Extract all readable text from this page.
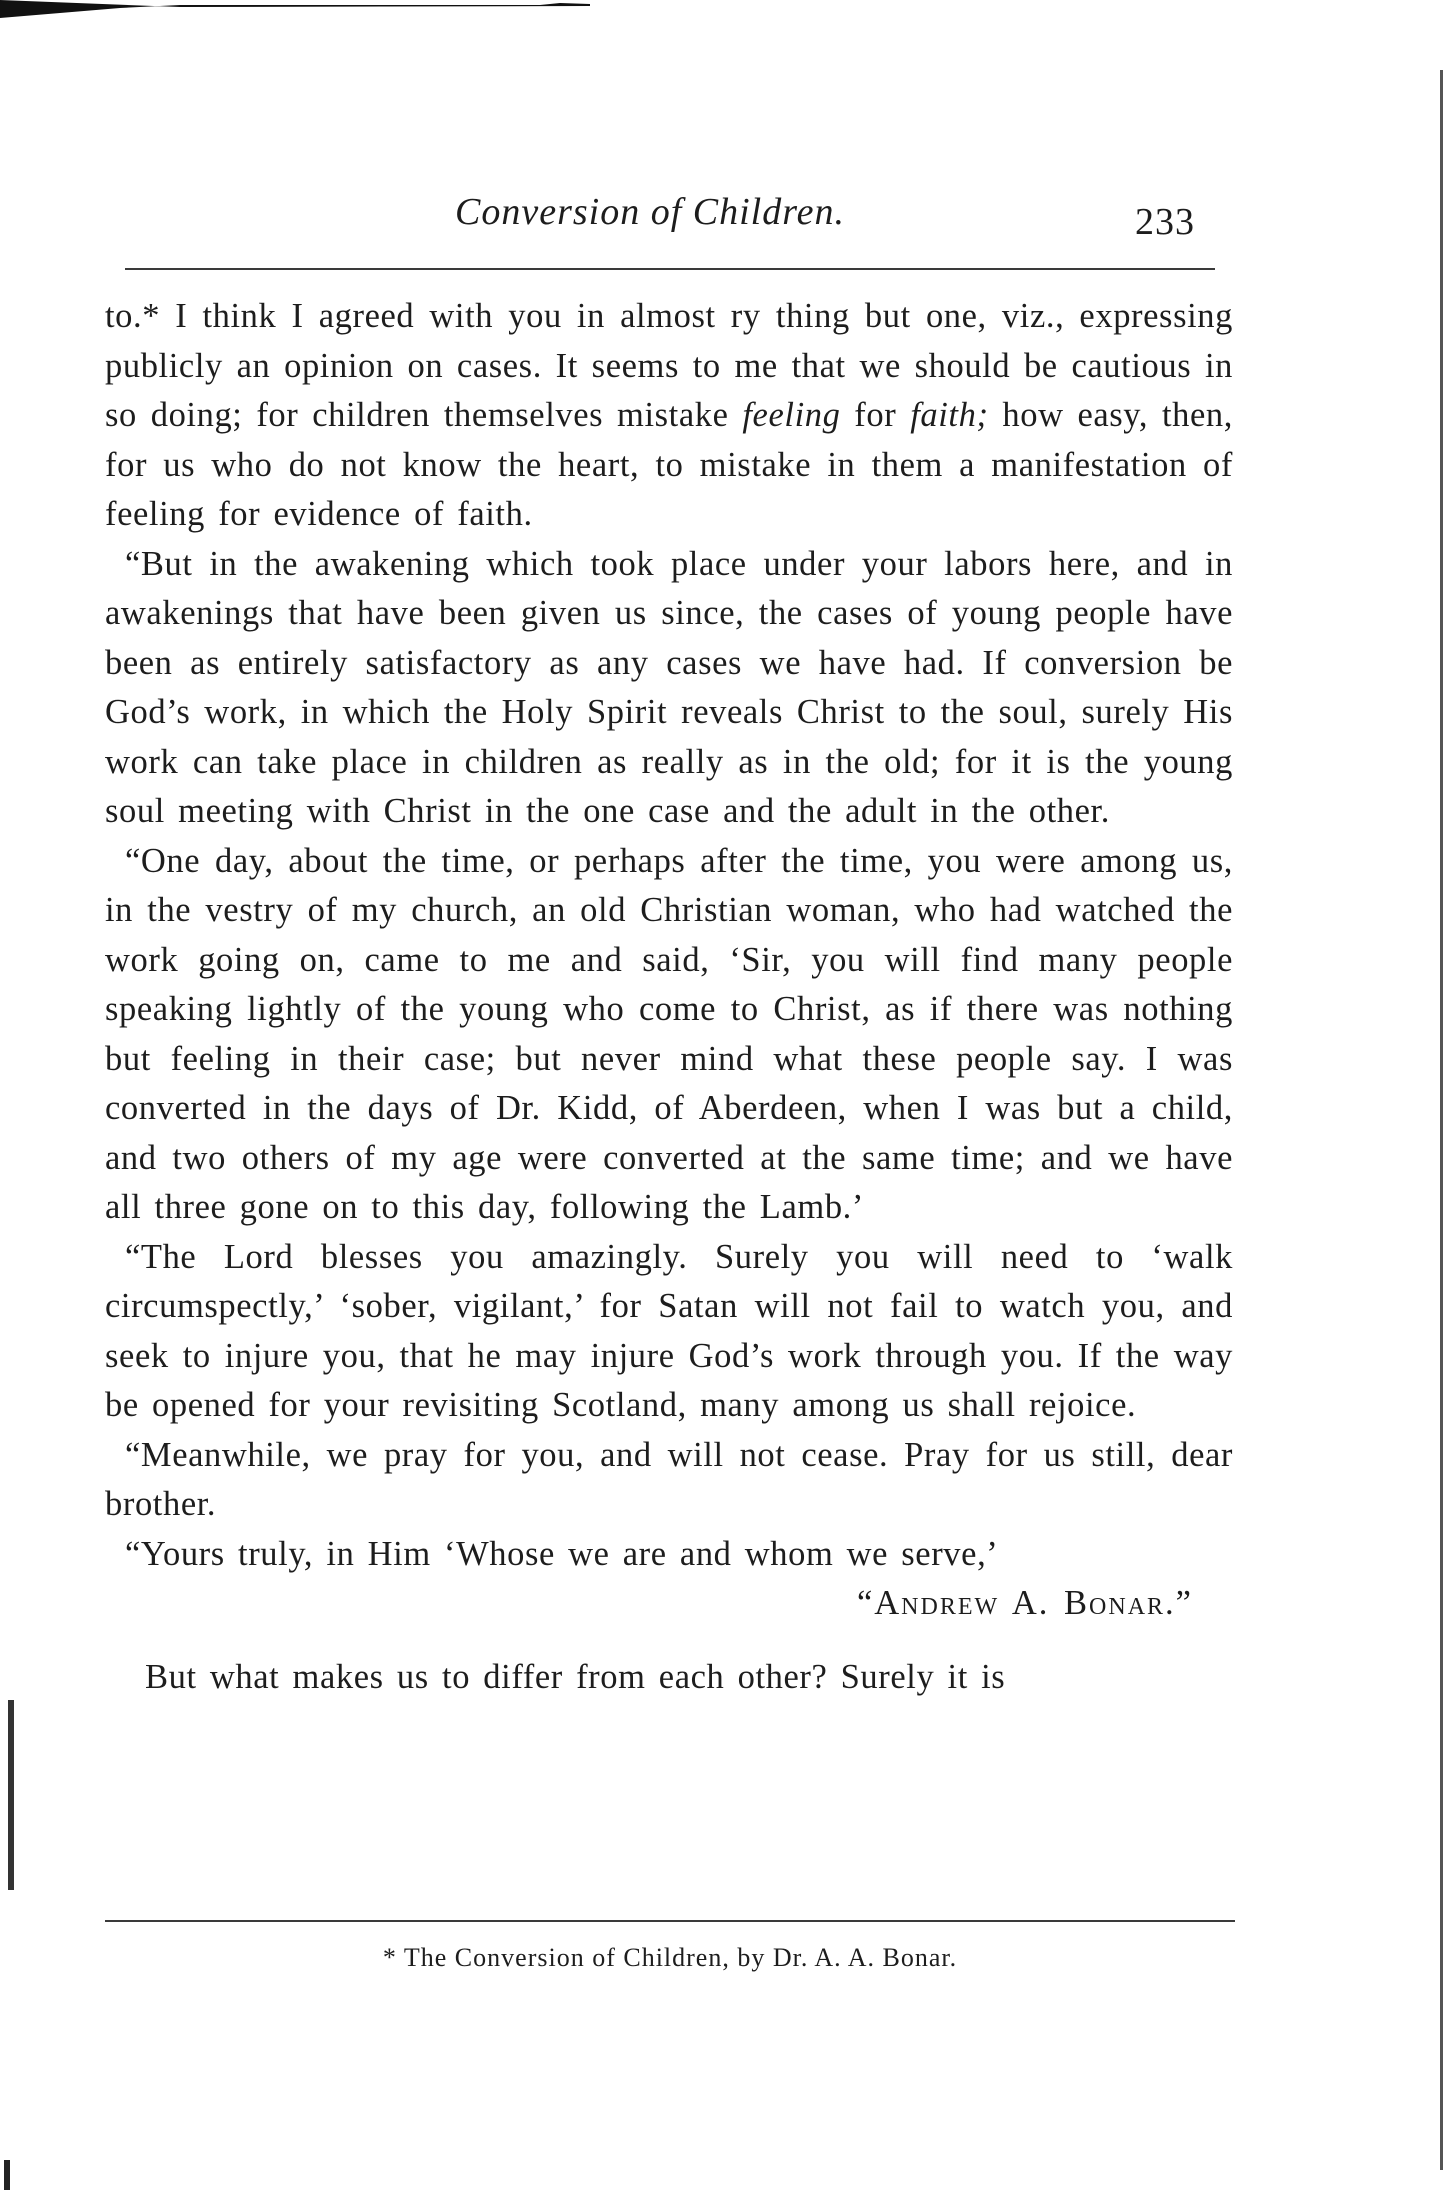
Conversion of Children.	233

to.* I think I agreed with you in almost ry thing but one, viz., expressing publicly an opinion on cases. It seems to me that we should be cautious in so doing; for children themselves mistake feeling for faith; how easy, then, for us who do not know the heart, to mistake in them a manifestation of feeling for evidence of faith.

“But in the awakening which took place under your labors here, and in awakenings that have been given us since, the cases of young people have been as entirely satisfactory as any cases we have had. If conversion be God’s work, in which the Holy Spirit reveals Christ to the soul, surely His work can take place in children as really as in the old; for it is the young soul meeting with Christ in the one case and the adult in the other.

“One day, about the time, or perhaps after the time, you were among us, in the vestry of my church, an old Christian woman, who had watched the work going on, came to me and said, ‘Sir, you will find many people speaking lightly of the young who come to Christ, as if there was nothing but feeling in their case; but never mind what these people say. I was converted in the days of Dr. Kidd, of Aberdeen, when I was but a child, and two others of my age were converted at the same time; and we have all three gone on to this day, following the Lamb.’

“The Lord blesses you amazingly. Surely you will need to ‘walk circumspectly,’ ‘sober, vigilant,’ for Satan will not fail to watch you, and seek to injure you, that he may injure God’s work through you. If the way be opened for your revisiting Scotland, many among us shall rejoice.

“Meanwhile, we pray for you, and will not cease. Pray for us still, dear brother.

“Yours truly, in Him ‘Whose we are and whom we serve,’

“Andrew A. Bonar.”

But what makes us to differ from each other? Surely it is

* The Conversion of Children, by Dr. A. A. Bonar.
